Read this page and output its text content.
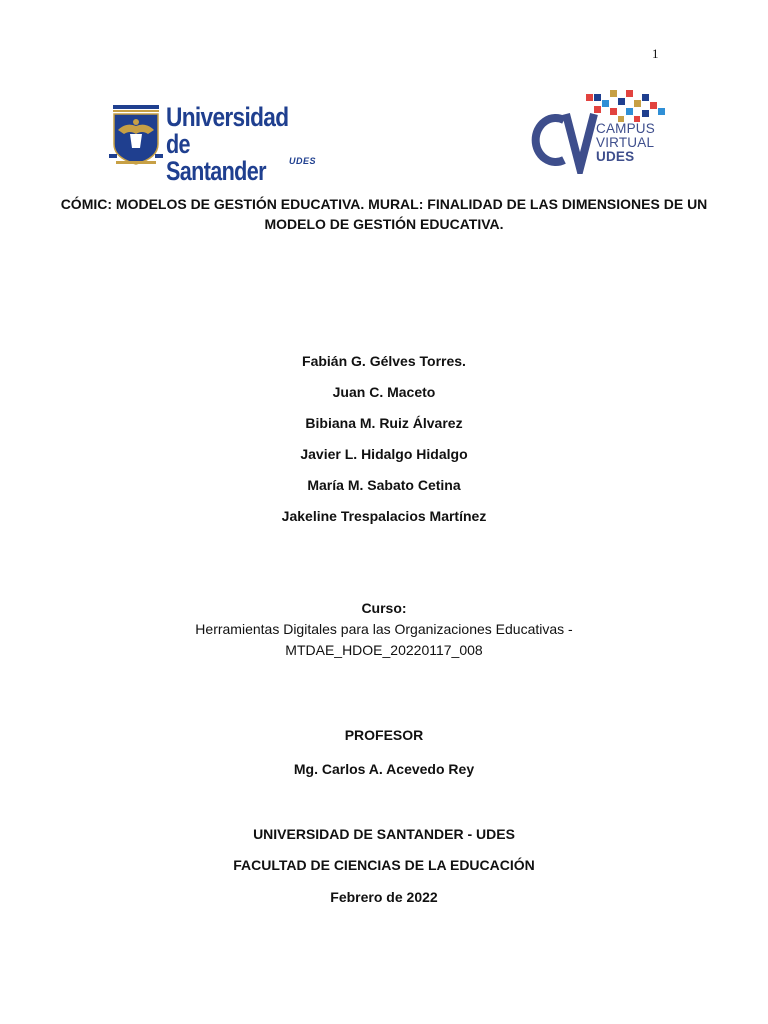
1
Universidad
de Santander	UDES
CAMPUS
VIRTUAL
UDES
CÓMIC: MODELOS DE GESTIÓN EDUCATIVA. MURAL: FINALIDAD DE LAS DIMENSIONES DE UN MODELO DE GESTIÓN EDUCATIVA.
Fabián G. Gélves Torres.
Juan C. Maceto
Bibiana M. Ruiz Álvarez
Javier L. Hidalgo Hidalgo
María M. Sabato Cetina
Jakeline Trespalacios Martínez
Curso:
Herramientas Digitales para las Organizaciones Educativas -
MTDAE_HDOE_20220117_008
PROFESOR
Mg. Carlos A. Acevedo Rey
UNIVERSIDAD DE SANTANDER - UDES
FACULTAD DE CIENCIAS DE LA EDUCACIÓN
Febrero de 2022
